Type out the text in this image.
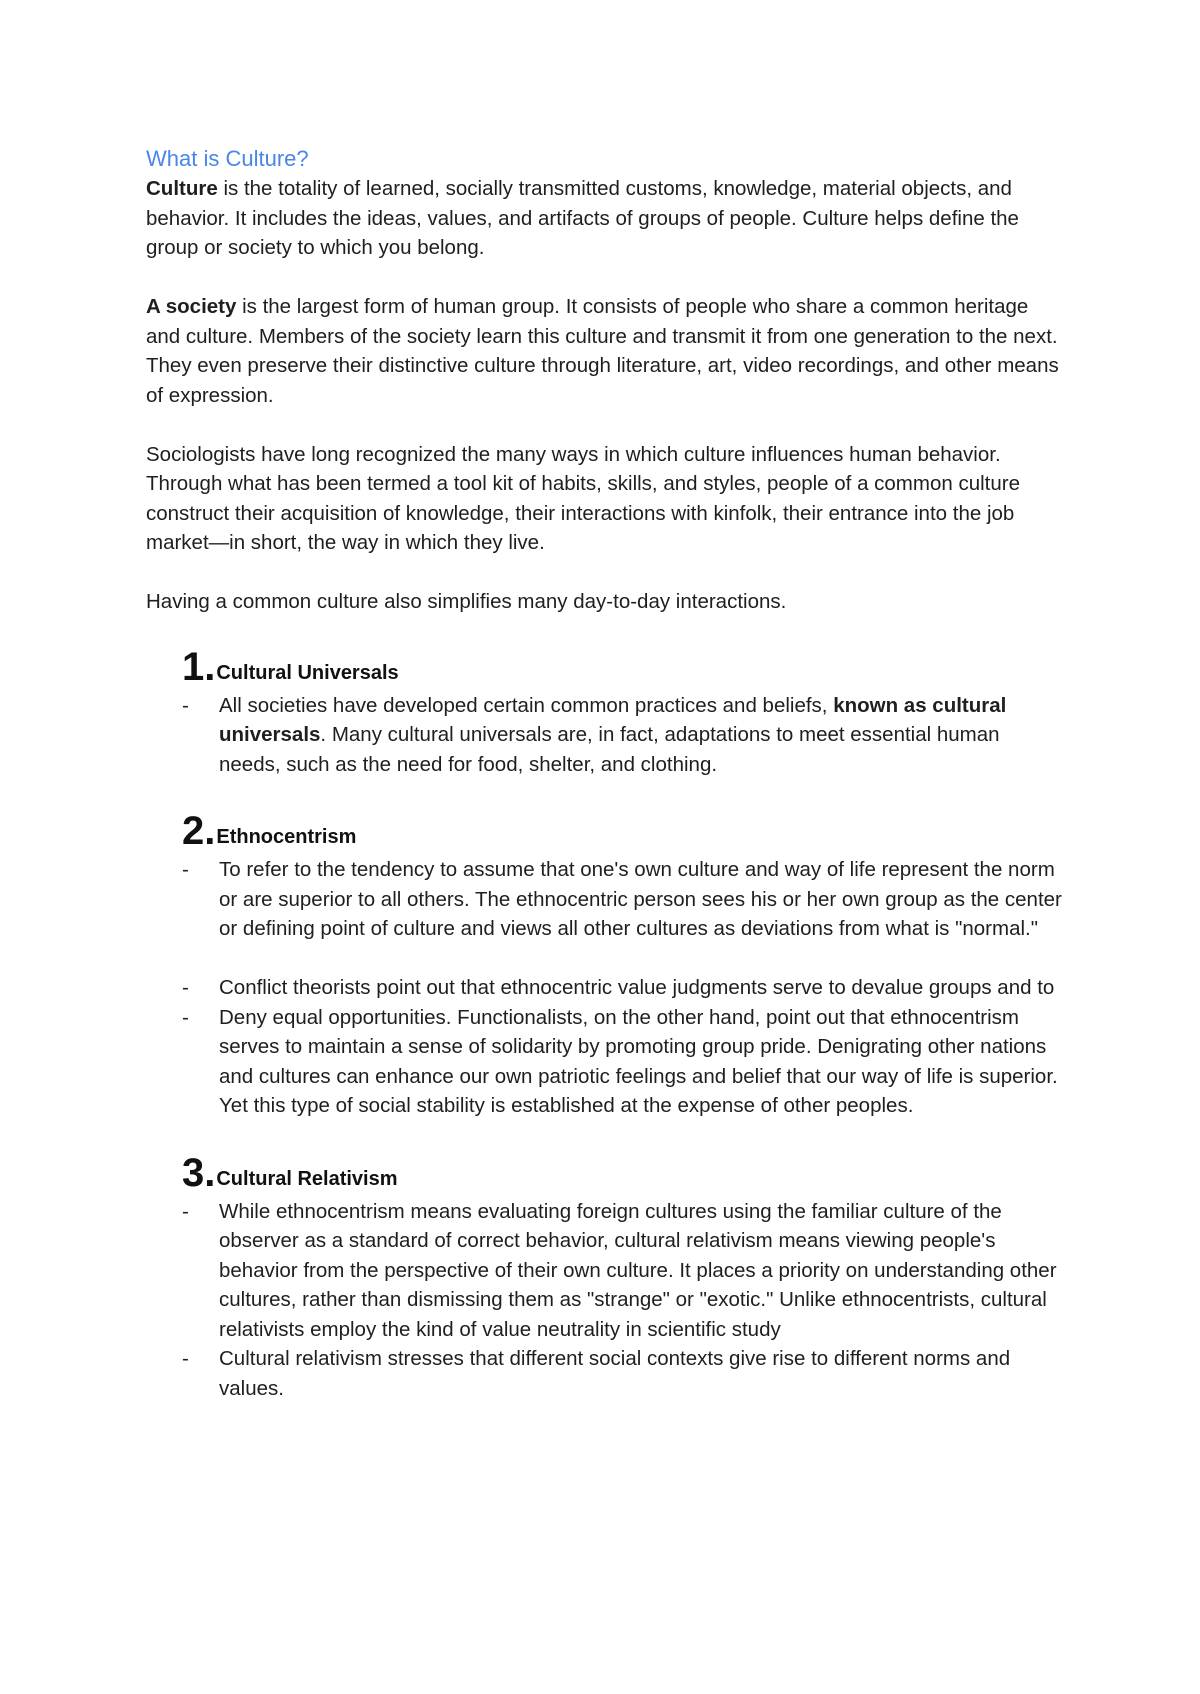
What is Culture?

Culture is the totality of learned, socially transmitted customs, knowledge, material objects, and behavior. It includes the ideas, values, and artifacts of groups of people. Culture helps define the group or society to which you belong.

A society is the largest form of human group. It consists of people who share a common heritage and culture. Members of the society learn this culture and transmit it from one generation to the next. They even preserve their distinctive culture through literature, art, video recordings, and other means of expression.

Sociologists have long recognized the many ways in which culture influences human behavior. Through what has been termed a tool kit of habits, skills, and styles, people of a common culture construct their acquisition of knowledge, their interactions with kinfolk, their entrance into the job market—in short, the way in which they live.

Having a common culture also simplifies many day-to-day interactions.

1. Cultural Universals
-	All societies have developed certain common practices and beliefs, known as cultural universals. Many cultural universals are, in fact, adaptations to meet essential human needs, such as the need for food, shelter, and clothing.
2. Ethnocentrism
-	To refer to the tendency to assume that one's own culture and way of life represent the norm or are superior to all others. The ethnocentric person sees his or her own group as the center or defining point of culture and views all other cultures as deviations from what is "normal."
-	Conflict theorists point out that ethnocentric value judgments serve to devalue groups and to
-	Deny equal opportunities. Functionalists, on the other hand, point out that ethnocentrism serves to maintain a sense of solidarity by promoting group pride. Denigrating other nations and cultures can enhance our own patriotic feelings and belief that our way of life is superior. Yet this type of social stability is established at the expense of other peoples.
3. Cultural Relativism
-	While ethnocentrism means evaluating foreign cultures using the familiar culture of the observer as a standard of correct behavior, cultural relativism means viewing people's behavior from the perspective of their own culture. It places a priority on understanding other cultures, rather than dismissing them as "strange" or "exotic." Unlike ethnocentrists, cultural relativists employ the kind of value neutrality in scientific study
-	Cultural relativism stresses that different social contexts give rise to different norms and values.
